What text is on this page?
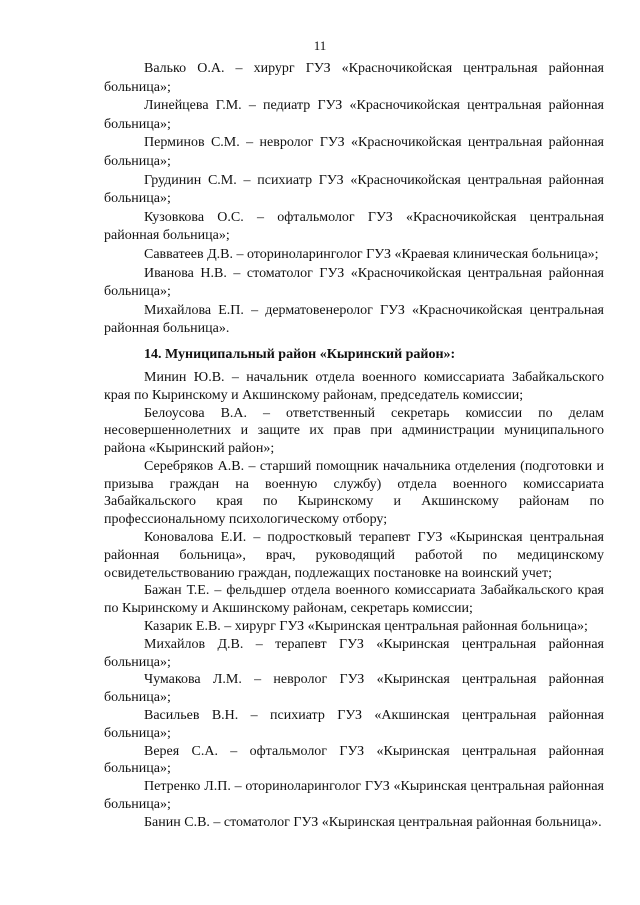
11

Валько О.А. – хирург ГУЗ «Красночикойская центральная районная больница»;

Линейцева Г.М. – педиатр ГУЗ «Красночикойская центральная районная больница»;

Перминов С.М. – невролог ГУЗ «Красночикойская центральная районная больница»;

Грудинин С.М. – психиатр ГУЗ «Красночикойская центральная районная больница»;

Кузовкова О.С. – офтальмолог ГУЗ «Красночикойская центральная районная больница»;

Савватеев Д.В. – оториноларинголог ГУЗ «Краевая клиническая больница»;

Иванова Н.В. – стоматолог ГУЗ «Красночикойская центральная районная больница»;

Михайлова Е.П. – дерматовенеролог ГУЗ «Красночикойская центральная районная больница».

14. Муниципальный район «Кыринский район»:

Минин Ю.В. – начальник отдела военного комиссариата Забайкальского края по Кыринскому и Акшинскому районам, председатель комиссии;

Белоусова В.А. – ответственный секретарь комиссии по делам несовершеннолетних и защите их прав при администрации муниципального района «Кыринский район»;

Серебряков А.В. – старший помощник начальника отделения (подготовки и призыва граждан на военную службу) отдела военного комиссариата Забайкальского края по Кыринскому и Акшинскому районам по профессиональному психологическому отбору;

Коновалова Е.И. – подростковый терапевт ГУЗ «Кыринская центральная районная больница», врач, руководящий работой по медицинскому освидетельствованию граждан, подлежащих постановке на воинский учет;

Бажан Т.Е. – фельдшер отдела военного комиссариата Забайкальского края по Кыринскому и Акшинскому районам, секретарь комиссии;

Казарик Е.В. – хирург ГУЗ «Кыринская центральная районная больница»;

Михайлов Д.В. – терапевт ГУЗ «Кыринская центральная районная больница»;

Чумакова Л.М. – невролог ГУЗ «Кыринская центральная районная больница»;

Васильев В.Н. – психиатр ГУЗ «Акшинская центральная районная больница»;

Верея С.А. – офтальмолог ГУЗ «Кыринская центральная районная больница»;

Петренко Л.П. – оториноларинголог ГУЗ «Кыринская центральная районная больница»;

Банин С.В. – стоматолог ГУЗ «Кыринская центральная районная больница».
